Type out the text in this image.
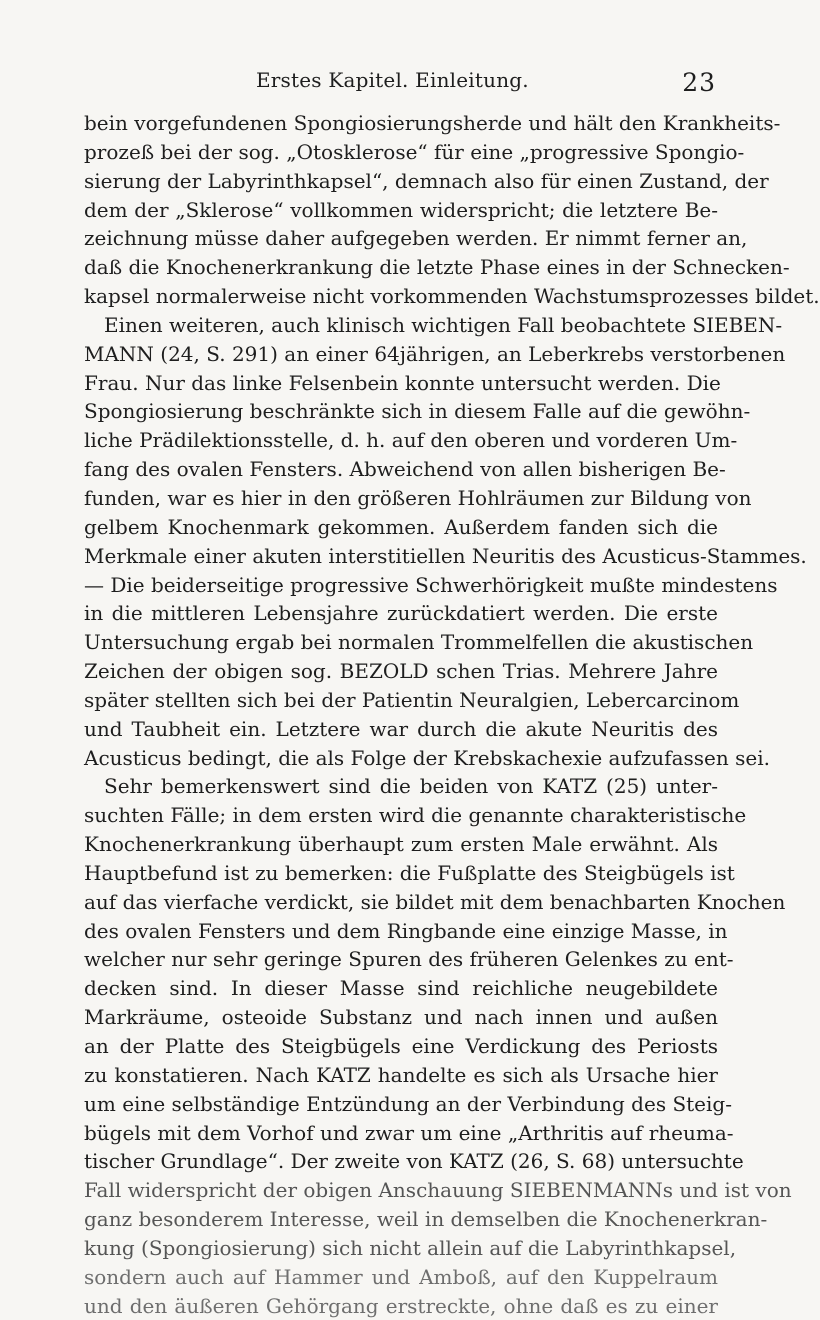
Erstes Kapitel. Einleitung.	23
bein vorgefundenen Spongiosierungsherde und hält den Krankheits-
prozeß bei der sog. „Otosklerose“ für eine „progressive Spongio-
sierung der Labyrinthkapsel“, demnach also für einen Zustand, der
dem der „Sklerose“ vollkommen widerspricht; die letztere Be-
zeichnung müsse daher aufgegeben werden. Er nimmt ferner an,
daß die Knochenerkrankung die letzte Phase eines in der Schnecken-
kapsel normalerweise nicht vorkommenden Wachstumsprozesses bildet.
Einen weiteren, auch klinisch wichtigen Fall beobachtete SIEBEN-
MANN (24, S. 291) an einer 64jährigen, an Leberkrebs verstorbenen
Frau. Nur das linke Felsenbein konnte untersucht werden. Die
Spongiosierung beschränkte sich in diesem Falle auf die gewöhn-
liche Prädilektionsstelle, d. h. auf den oberen und vorderen Um-
fang des ovalen Fensters. Abweichend von allen bisherigen Be-
funden, war es hier in den größeren Hohlräumen zur Bildung von
gelbem Knochenmark gekommen. Außerdem fanden sich die
Merkmale einer akuten interstitiellen Neuritis des Acusticus-Stammes.
— Die beiderseitige progressive Schwerhörigkeit mußte mindestens
in die mittleren Lebensjahre zurückdatiert werden. Die erste
Untersuchung ergab bei normalen Trommelfellen die akustischen
Zeichen der obigen sog. BEZOLD schen Trias. Mehrere Jahre
später stellten sich bei der Patientin Neuralgien, Lebercarcinom
und Taubheit ein. Letztere war durch die akute Neuritis des
Acusticus bedingt, die als Folge der Krebskachexie aufzufassen sei.
Sehr bemerkenswert sind die beiden von KATZ (25) unter-
suchten Fälle; in dem ersten wird die genannte charakteristische
Knochenerkrankung überhaupt zum ersten Male erwähnt. Als
Hauptbefund ist zu bemerken: die Fußplatte des Steigbügels ist
auf das vierfache verdickt, sie bildet mit dem benachbarten Knochen
des ovalen Fensters und dem Ringbande eine einzige Masse, in
welcher nur sehr geringe Spuren des früheren Gelenkes zu ent-
decken sind. In dieser Masse sind reichliche neugebildete
Markräume, osteoide Substanz und nach innen und außen
an der Platte des Steigbügels eine Verdickung des Periosts
zu konstatieren. Nach KATZ handelte es sich als Ursache hier
um eine selbständige Entzündung an der Verbindung des Steig-
bügels mit dem Vorhof und zwar um eine „Arthritis auf rheuma-
tischer Grundlage“. Der zweite von KATZ (26, S. 68) untersuchte
Fall widerspricht der obigen Anschauung SIEBENMANNs und ist von
ganz besonderem Interesse, weil in demselben die Knochenerkran-
kung (Spongiosierung) sich nicht allein auf die Labyrinthkapsel,
sondern auch auf Hammer und Amboß, auf den Kuppelraum
und den äußeren Gehörgang erstreckte, ohne daß es zu einer
